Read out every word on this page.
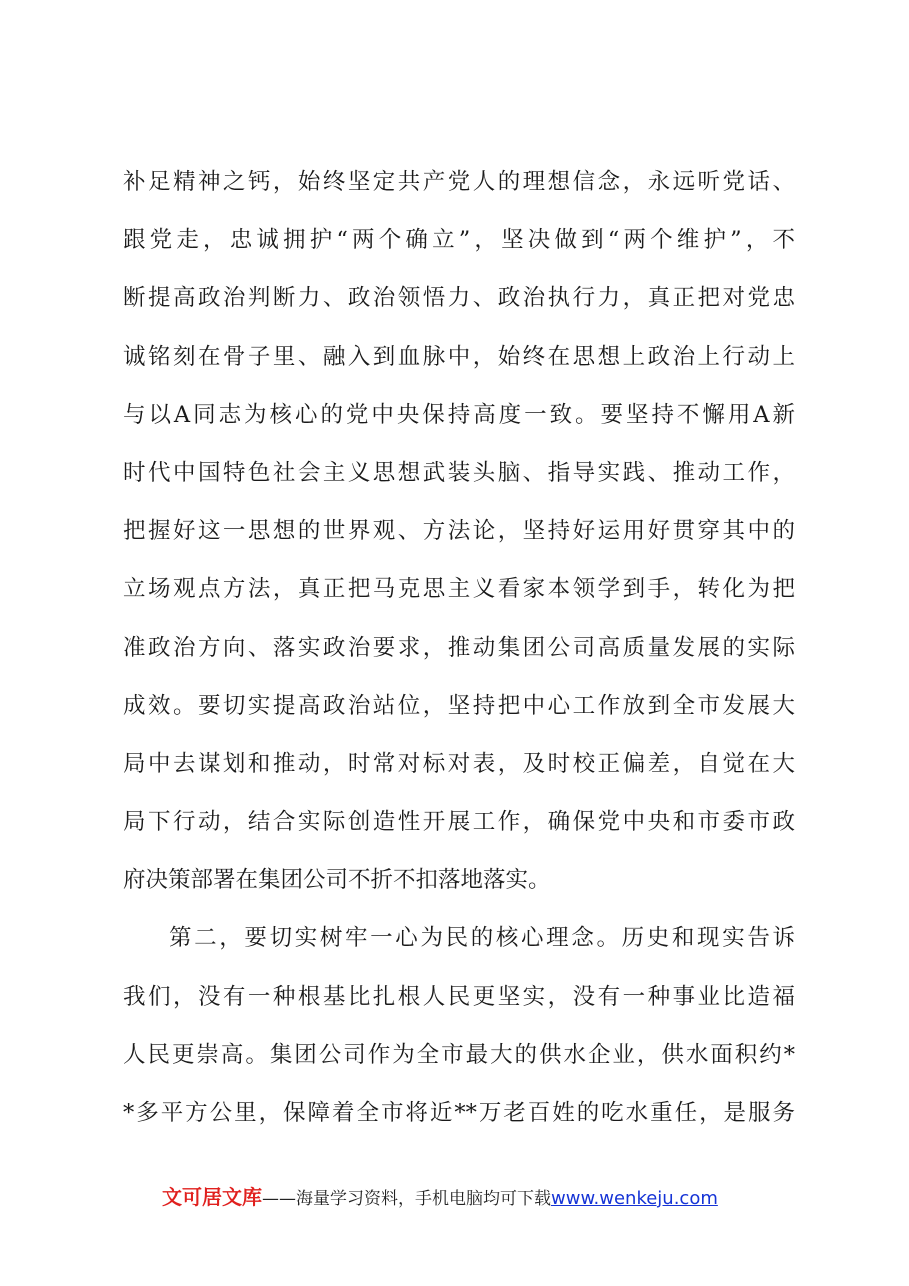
补足精神之钙，始终坚定共产党人的理想信念，永远听党话、
跟党走，忠诚拥护“两个确立”，坚决做到“两个维护”，不
断提高政治判断力、政治领悟力、政治执行力，真正把对党忠
诚铭刻在骨子里、融入到血脉中，始终在思想上政治上行动上
与以A同志为核心的党中央保持高度一致。要坚持不懈用A新
时代中国特色社会主义思想武装头脑、指导实践、推动工作，
把握好这一思想的世界观、方法论，坚持好运用好贯穿其中的
立场观点方法，真正把马克思主义看家本领学到手，转化为把
准政治方向、落实政治要求，推动集团公司高质量发展的实际
成效。要切实提高政治站位，坚持把中心工作放到全市发展大
局中去谋划和推动，时常对标对表，及时校正偏差，自觉在大
局下行动，结合实际创造性开展工作，确保党中央和市委市政
府决策部署在集团公司不折不扣落地落实。
第二，要切实树牢一心为民的核心理念。历史和现实告诉
我们，没有一种根基比扎根人民更坚实，没有一种事业比造福
人民更崇高。集团公司作为全市最大的供水企业，供水面积约*
*多平方公里，保障着全市将近**万老百姓的吃水重任，是服务
文可居文库——海量学习资料，手机电脑均可下载www.wenkeju.com
